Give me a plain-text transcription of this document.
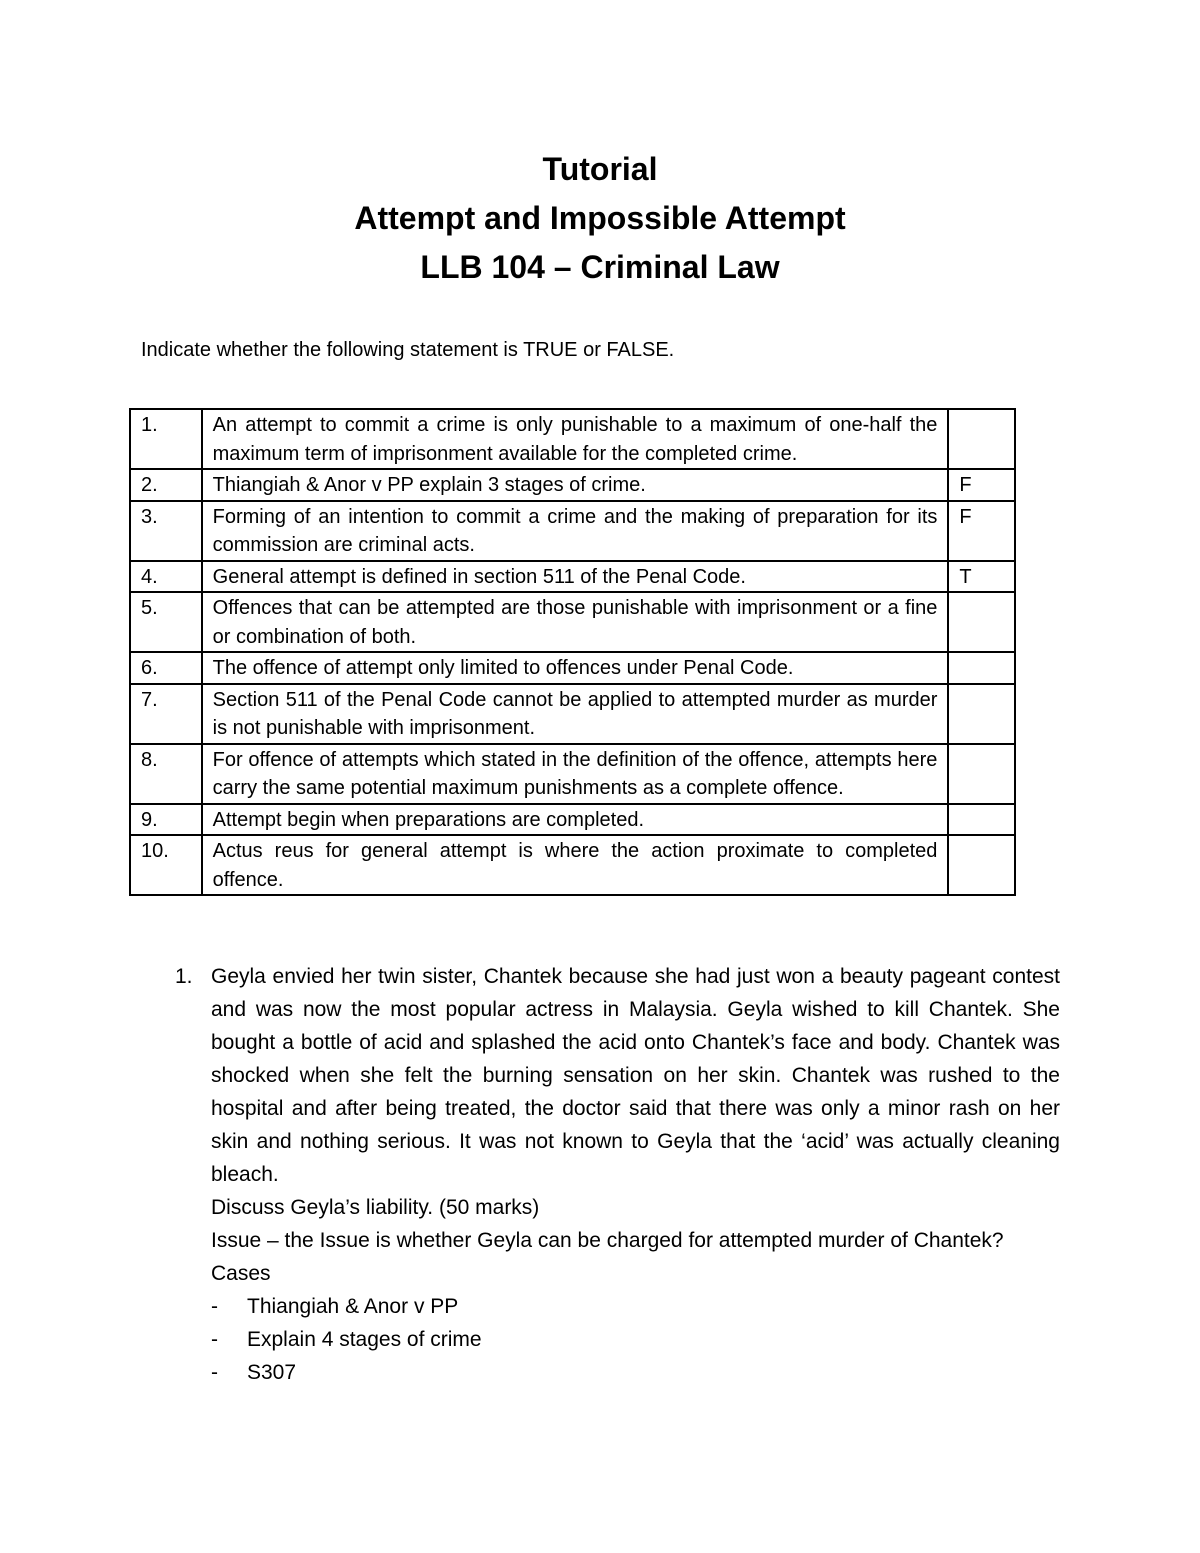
Tutorial
Attempt and Impossible Attempt
LLB 104 – Criminal Law
Indicate whether the following statement is TRUE or FALSE.
1.	An attempt to commit a crime is only punishable to a maximum of one-half the maximum term of imprisonment available for the completed crime.	
2.	Thiangiah & Anor v PP explain 3 stages of crime.	F
3.	Forming of an intention to commit a crime and the making of preparation for its commission are criminal acts.	F
4.	General attempt is defined in section 511 of the Penal Code.	T
5.	Offences that can be attempted are those punishable with imprisonment or a fine or combination of both.	
6.	The offence of attempt only limited to offences under Penal Code.	
7.	Section 511 of the Penal Code cannot be applied to attempted murder as murder is not punishable with imprisonment.	
8.	For offence of attempts which stated in the definition of the offence, attempts here carry the same potential maximum punishments as a complete offence.	
9.	Attempt begin when preparations are completed.	
10.	Actus reus for general attempt is where the action proximate to completed offence.	
1. Geyla envied her twin sister, Chantek because she had just won a beauty pageant contest and was now the most popular actress in Malaysia. Geyla wished to kill Chantek. She bought a bottle of acid and splashed the acid onto Chantek’s face and body. Chantek was shocked when she felt the burning sensation on her skin. Chantek was rushed to the hospital and after being treated, the doctor said that there was only a minor rash on her skin and nothing serious. It was not known to Geyla that the ‘acid’ was actually cleaning bleach.

Discuss Geyla’s liability. (50 marks)

Issue – the Issue is whether Geyla can be charged for attempted murder of Chantek?

Cases

-	Thiangiah & Anor v PP
-	Explain 4 stages of crime
-	S307
